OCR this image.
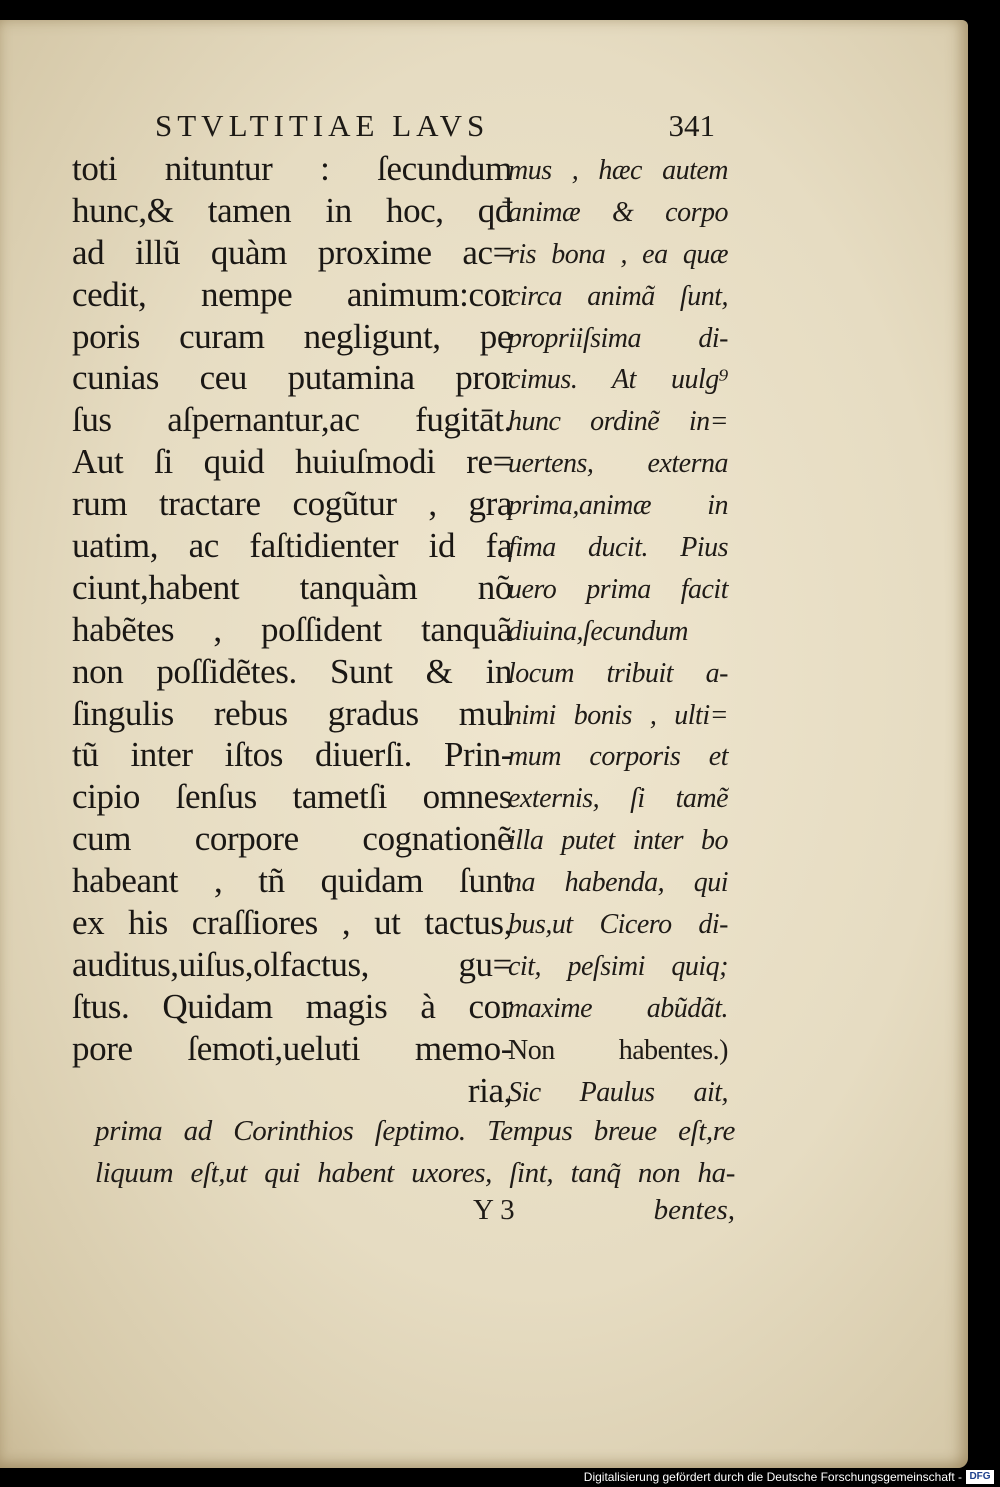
STVLTITIAE LAVS	341
toti nituntur : ſecundum
hunc,& tamen in hoc, qđ
ad illũ quàm proxime ac=
cedit, nempe animum:cor
poris curam negligunt, pe
cunias ceu putamina pror
ſus aſpernantur,ac fugitāt.
Aut ſi quid huiuſmodi re=
rum tractare cogũtur , gra
uatim, ac faſtidienter id fa
ciunt,habent tanquàm nõ
habẽtes , poſſident tanquã
non poſſidẽtes. Sunt & in
ſingulis rebus gradus mul
tũ inter iſtos diuerſi. Prin-
cipio ſenſus tametſi omnes
cum corpore cognationẽ
habeant , tñ quidam ſunt
ex his craſſiores , ut tactus,
auditus,uiſus,olfactus, gu=
ſtus. Quidam magis à cor
pore ſemoti,ueluti memo-
ria,
mus , hæc autem
animæ & corpo
ris bona , ea quæ
circa animã ſunt,
propriiſsima di-
cimus. At uulg⁹
hunc ordinẽ in=
uertens, externa
prima,animæ in
fima ducit. Pius
uero prima facit
diuina,ſecundum
locum tribuit a-
nimi bonis , ulti=
mum corporis et
externis, ſi tamẽ
illa putet inter bo
na habenda, qui
bus,ut Cicero di-
cit, peſsimi quiq;
maxime abũdãt.
Non habentes.)
Sic Paulus ait,
prima ad Corinthios ſeptimo. Tempus breue eſt,re
liquum eſt,ut qui habent uxores, ſint, tanq̃ non ha-
Y 3	bentes,
Digitalisierung gefördert durch die Deutsche Forschungsgemeinschaft - DFG
